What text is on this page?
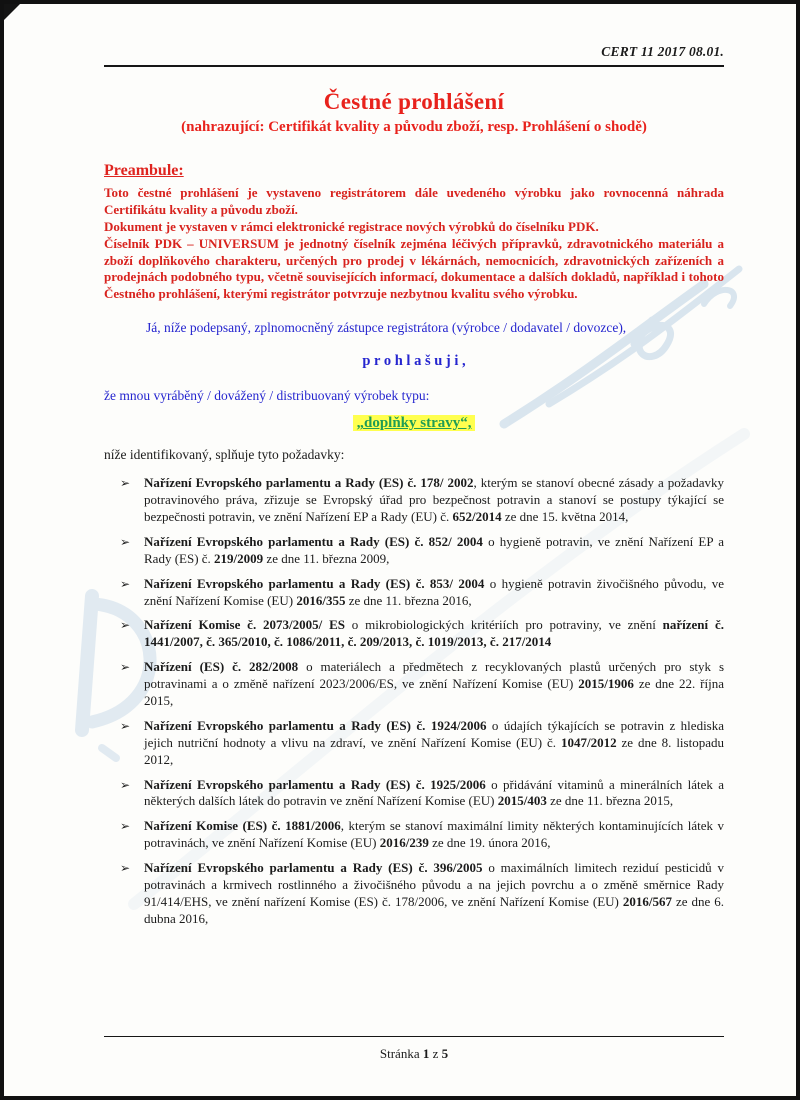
CERT 11 2017 08.01.
Čestné prohlášení
(nahrazující: Certifikát kvality a původu zboží, resp. Prohlášení o shodě)
Preambule:

Toto čestné prohlášení je vystaveno registrátorem dále uvedeného výrobku jako rovnocenná náhrada Certifikátu kvality a původu zboží.

Dokument je vystaven v rámci elektronické registrace nových výrobků do číselníku PDK.

Číselník PDK – UNIVERSUM je jednotný číselník zejména léčivých přípravků, zdravotnického materiálu a zboží doplňkového charakteru, určených pro prodej v lékárnách, nemocnicích, zdravotnických zařízeních a prodejnách podobného typu, včetně souvisejících informací, dokumentace a dalších dokladů, například i tohoto Čestného prohlášení, kterými registrátor potvrzuje nezbytnou kvalitu svého výrobku.

Já, níže podepsaný, zplnomocněný zástupce registrátora (výrobce / dodavatel / dovozce),

p r o h l a š u j i ,

že mnou vyráběný / dovážený / distribuovaný výrobek typu:

„doplňky stravy“,

níže identifikovaný, splňuje tyto požadavky:

➢	Nařízení Evropského parlamentu a Rady (ES) č. 178/ 2002, kterým se stanoví obecné zásady a požadavky potravinového práva, zřizuje se Evropský úřad pro bezpečnost potravin a stanoví se postupy týkající se bezpečnosti potravin, ve znění Nařízení EP a Rady (EU) č. 652/2014 ze dne 15. května 2014,
➢	Nařízení Evropského parlamentu a Rady (ES) č. 852/ 2004 o hygieně potravin, ve znění Nařízení EP a Rady (ES) č. 219/2009 ze dne 11. března 2009,
➢	Nařízení Evropského parlamentu a Rady (ES) č. 853/ 2004 o hygieně potravin živočišného původu, ve znění Nařízení Komise (EU) 2016/355 ze dne 11. března 2016,
➢	Nařízení Komise č. 2073/2005/ ES o mikrobiologických kritériích pro potraviny, ve znění nařízení č. 1441/2007, č. 365/2010, č. 1086/2011, č. 209/2013, č. 1019/2013, č. 217/2014
➢	Nařízení (ES) č. 282/2008 o materiálech a předmětech z recyklovaných plastů určených pro styk s potravinami a o změně nařízení 2023/2006/ES, ve znění Nařízení Komise (EU) 2015/1906 ze dne 22. října 2015,
➢	Nařízení Evropského parlamentu a Rady (ES) č. 1924/2006 o údajích týkajících se potravin z hlediska jejich nutriční hodnoty a vlivu na zdraví, ve znění Nařízení Komise (EU) č. 1047/2012 ze dne 8. listopadu 2012,
➢	Nařízení Evropského parlamentu a Rady (ES) č. 1925/2006 o přidávání vitaminů a minerálních látek a některých dalších látek do potravin ve znění Nařízení Komise (EU) 2015/403 ze dne 11. března 2015,
➢	Nařízení Komise (ES) č. 1881/2006, kterým se stanoví maximální limity některých kontaminujících látek v potravinách, ve znění Nařízení Komise (EU) 2016/239 ze dne 19. února 2016,
➢	Nařízení Evropského parlamentu a Rady (ES) č. 396/2005 o maximálních limitech reziduí pesticidů v potravinách a krmivech rostlinného a živočišného původu a na jejich povrchu a o změně směrnice Rady 91/414/EHS, ve znění nařízení Komise (ES) č. 178/2006, ve znění Nařízení Komise (EU) 2016/567 ze dne 6. dubna 2016,
Stránka 1 z 5
